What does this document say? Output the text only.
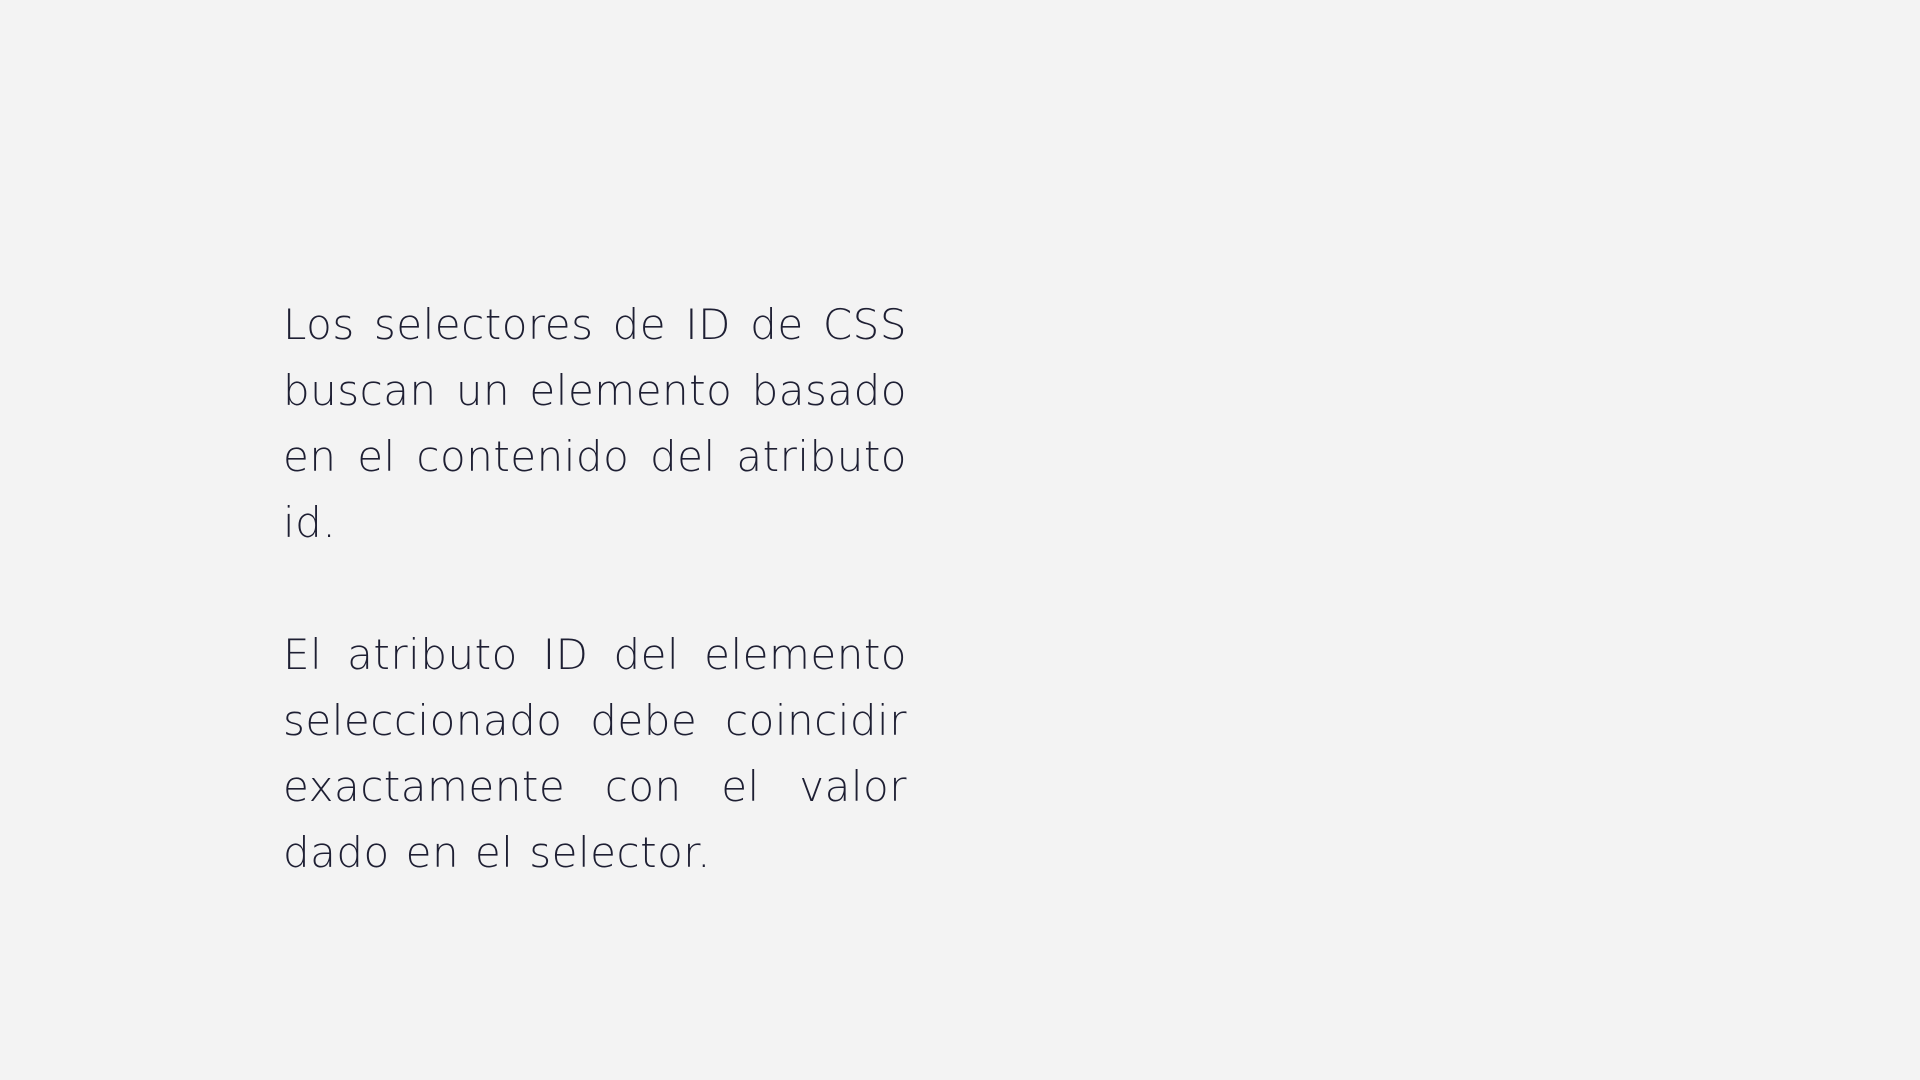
Los selectores de ID de CSS buscan un elemento basado en el contenido del atributo id.

El atributo ID del elemento seleccionado debe coincidir exactamente con el valor dado en el selector.
